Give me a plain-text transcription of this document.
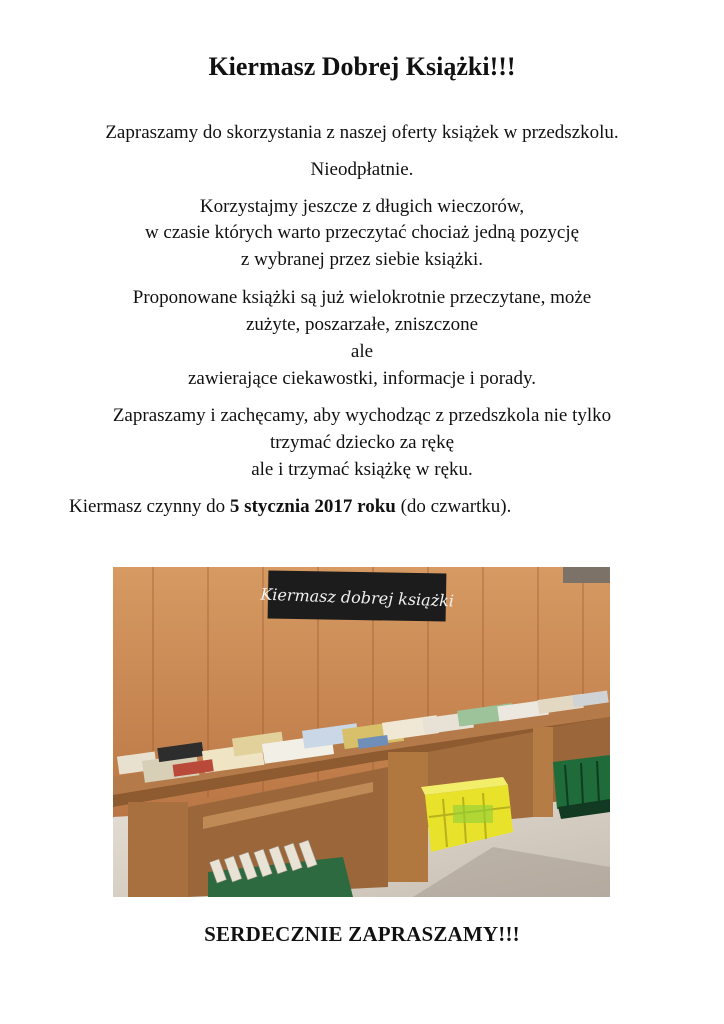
Kiermasz Dobrej Książki!!!
Zapraszamy do skorzystania z naszej oferty książek w przedszkolu.
Nieodpłatnie.
Korzystajmy jeszcze z długich wieczorów,
w czasie których warto przeczytać chociaż jedną pozycję
z wybranej przez siebie książki.
Proponowane książki są już wielokrotnie przeczytane, może
zużyte, poszarzałe, zniszczone
ale
zawierające ciekawostki, informacje i porady.
Zapraszamy i zachęcamy, aby wychodząc z przedszkola nie tylko
trzymać dziecko za rękę
ale i trzymać książkę w ręku.
Kiermasz czynny do 5 stycznia 2017 roku (do czwartku).
Kiermasz dobrej książki
SERDECZNIE ZAPRASZAMY!!!
